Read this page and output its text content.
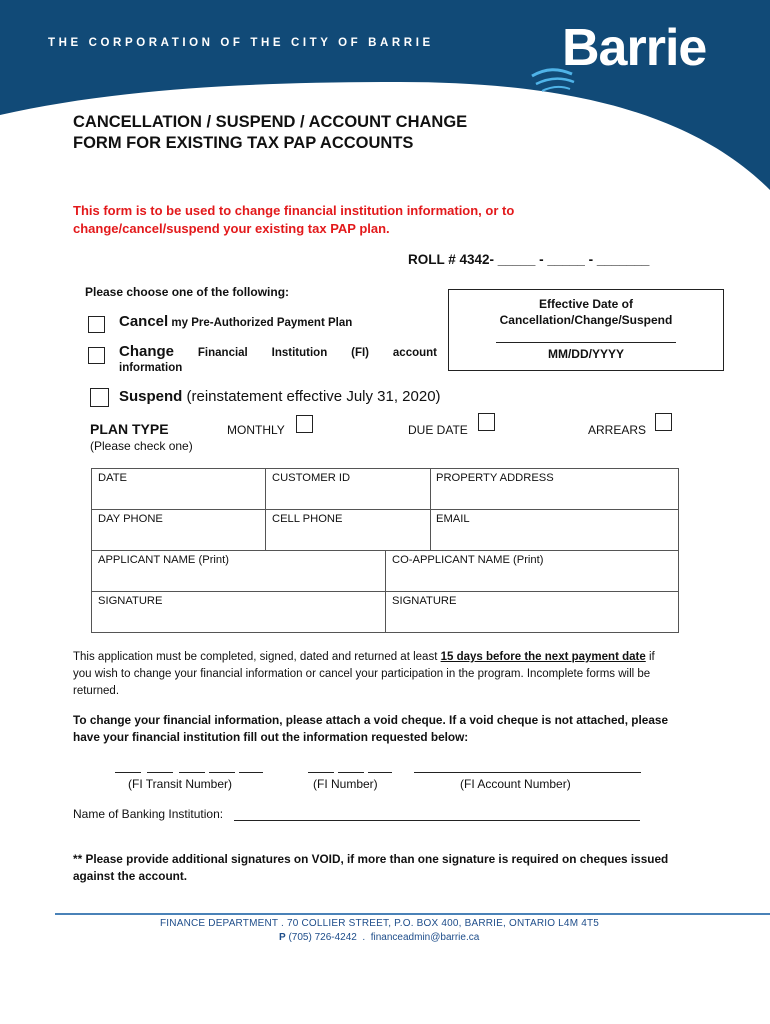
THE CORPORATION OF THE CITY OF BARRIE Barrie
CANCELLATION / SUSPEND / ACCOUNT CHANGE
FORM FOR EXISTING TAX PAP ACCOUNTS
This form is to be used to change financial institution information, or to
change/cancel/suspend your existing tax PAP plan.
ROLL # 4342- _____ - _____ - _______
Please choose one of the following:
Cancel my Pre-Authorized Payment Plan
Change Financial Institution (FI) account
information
Suspend (reinstatement effective July 31, 2020)
Effective Date of
Cancellation/Change/Suspend
MM/DD/YYYY
PLAN TYPE
(Please check one)
MONTHLY	DUE DATE	ARREARS
DATE	CUSTOMER ID	PROPERTY ADDRESS
DAY PHONE	CELL PHONE	EMAIL
APPLICANT NAME (Print)	CO-APPLICANT NAME (Print)
SIGNATURE	SIGNATURE
This application must be completed, signed, dated and returned at least 15 days before the next payment date if you wish to change your financial information or cancel your participation in the program. Incomplete forms will be returned.
To change your financial information, please attach a void cheque. If a void cheque is not attached, please have your financial institution fill out the information requested below:
(FI Transit Number)	(FI Number)	(FI Account Number)
Name of Banking Institution:
** Please provide additional signatures on VOID, if more than one signature is required on cheques issued against the account.
FINANCE DEPARTMENT . 70 COLLIER STREET, P.O. BOX 400, BARRIE, ONTARIO L4M 4T5
P (705) 726-4242 . financeadmin@barrie.ca
